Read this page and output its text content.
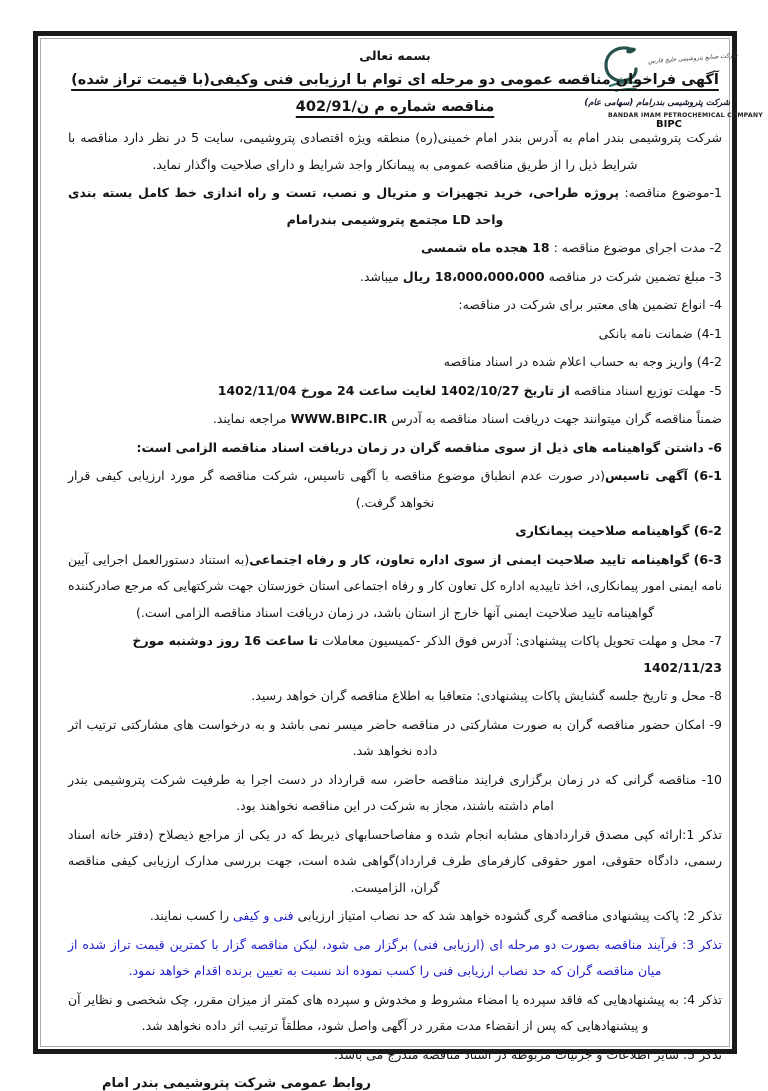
شرکت صنایع پتروشیمی خلیج فارس
شرکت پتروشیمی بندرامام (سهامی عام)
BANDAR IMAM PETROCHEMICAL COMPANY
BIPC
بسمه تعالی
آگهی فراخوان مناقصه عمومی دو مرحله ای توام با ارزیابی فنی وکیفی(با قیمت تراز شده)
مناقصه شماره م ن/402/91
شرکت پتروشیمی بندر امام به آدرس بندر امام خمینی(ره) منطقه ویژه اقتصادی پتروشیمی، سایت 5 در نظر دارد مناقصه با شرایط ذیل را از طریق مناقصه عمومی به پیمانکار واجد شرایط و دارای صلاحیت واگذار نماید.
1-موضوع مناقصه: پروژه طراحی، خرید تجهیزات و متریال و نصب، تست و راه اندازی خط کامل بسته بندی واحد LD مجتمع پتروشیمی بندرامام
2- مدت اجرای موضوع مناقصه : 18 هجده ماه شمسی
3- مبلغ تضمین شرکت در مناقصه 18،000،000،000 ریال میباشد.
4- انواع تضمین های معتبر برای شرکت در مناقصه:
4-1) ضمانت نامه بانکی
4-2) واریز وجه به حساب اعلام شده در اسناد مناقصه
5- مهلت توزیع اسناد مناقصه از تاریخ 1402/10/27 لغایت ساعت 24 مورخ 1402/11/04
ضمناً مناقصه گران میتوانند جهت دریافت اسناد مناقصه به آدرس WWW.BIPC.IR مراجعه نمایند.
6- داشتن گواهینامه های ذیل از سوی مناقصه گران در زمان دریافت اسناد مناقصه الزامی است:
6-1) آگهی تاسیس(در صورت عدم انطباق موضوع مناقصه با آگهی تاسیس، شرکت مناقصه گر مورد ارزیابی کیفی قرار نخواهد گرفت.)
6-2) گواهینامه صلاحیت پیمانکاری
6-3) گواهینامه تایید صلاحیت ایمنی از سوی اداره تعاون، کار و رفاه اجتماعی(به استناد دستورالعمل اجرایی آیین نامه ایمنی امور پیمانکاری، اخذ تاییدیه اداره کل تعاون کار و رفاه اجتماعی استان خوزستان جهت شرکتهایی که مرجع صادرکننده گواهینامه تایید صلاحیت ایمنی آنها خارج از استان باشد، در زمان دریافت اسناد مناقصه الزامی است.)
7- محل و مهلت تحویل پاکات پیشنهادی: آدرس فوق الذکر -کمیسیون معاملات تا ساعت 16 روز دوشنبه مورخ 1402/11/23
8- محل و تاریخ جلسه گشایش پاکات پیشنهادی: متعاقبا به اطلاع مناقصه گران خواهد رسید.
9- امکان حضور مناقصه گران به صورت مشارکتی در مناقصه حاضر میسر نمی باشد و به درخواست های مشارکتی ترتیب اثر داده نخواهد شد.
10- مناقصه گرانی که در زمان برگزاری فرایند مناقصه حاضر، سه قرارداد در دست اجرا به طرفیت شرکت پتروشیمی بندر امام داشته باشند، مجاز به شرکت در این مناقصه نخواهند بود.
تذکر 1:ارائه کپی مصدق قراردادهای مشابه انجام شده و مفاصاحسابهای ذیربط که در یکی از مراجع ذیصلاح (دفتر خانه اسناد رسمی، دادگاه حقوقی، امور حقوقی کارفرمای طرف قرارداد)گواهی شده است، جهت بررسی مدارک ارزیابی کیفی مناقصه گران، الزامیست.
تذکر 2: پاکت پیشنهادی مناقصه گری گشوده خواهد شد که حد نصاب امتیاز ارزیابی فنی و کیفی را کسب نمایند.
تذکر 3: فرآیند مناقصه بصورت دو مرحله ای (ارزیابی فنی) برگزار می شود، لیکن مناقصه گزار با کمترین قیمت تراز شده از میان مناقصه گران که حد نصاب ارزیابی فنی را کسب نموده اند نسبت به تعیین برنده اقدام خواهد نمود.
تذکر 4: به پیشنهادهایی که فاقد سپرده یا امضاء مشروط و مخدوش و سپرده های کمتر از میزان مقرر، چک شخصی و نظایر آن و پیشنهادهایی که پس از انقضاء مدت مقرر در آگهی واصل شود، مطلقاً ترتیب اثر داده نخواهد شد.
تذکر 5: سایر اطلاعات و جزئیات مربوطه در اسناد مناقصه مندرج می باشد.
روابط عمومی شرکت پتروشیمی بندر امام
